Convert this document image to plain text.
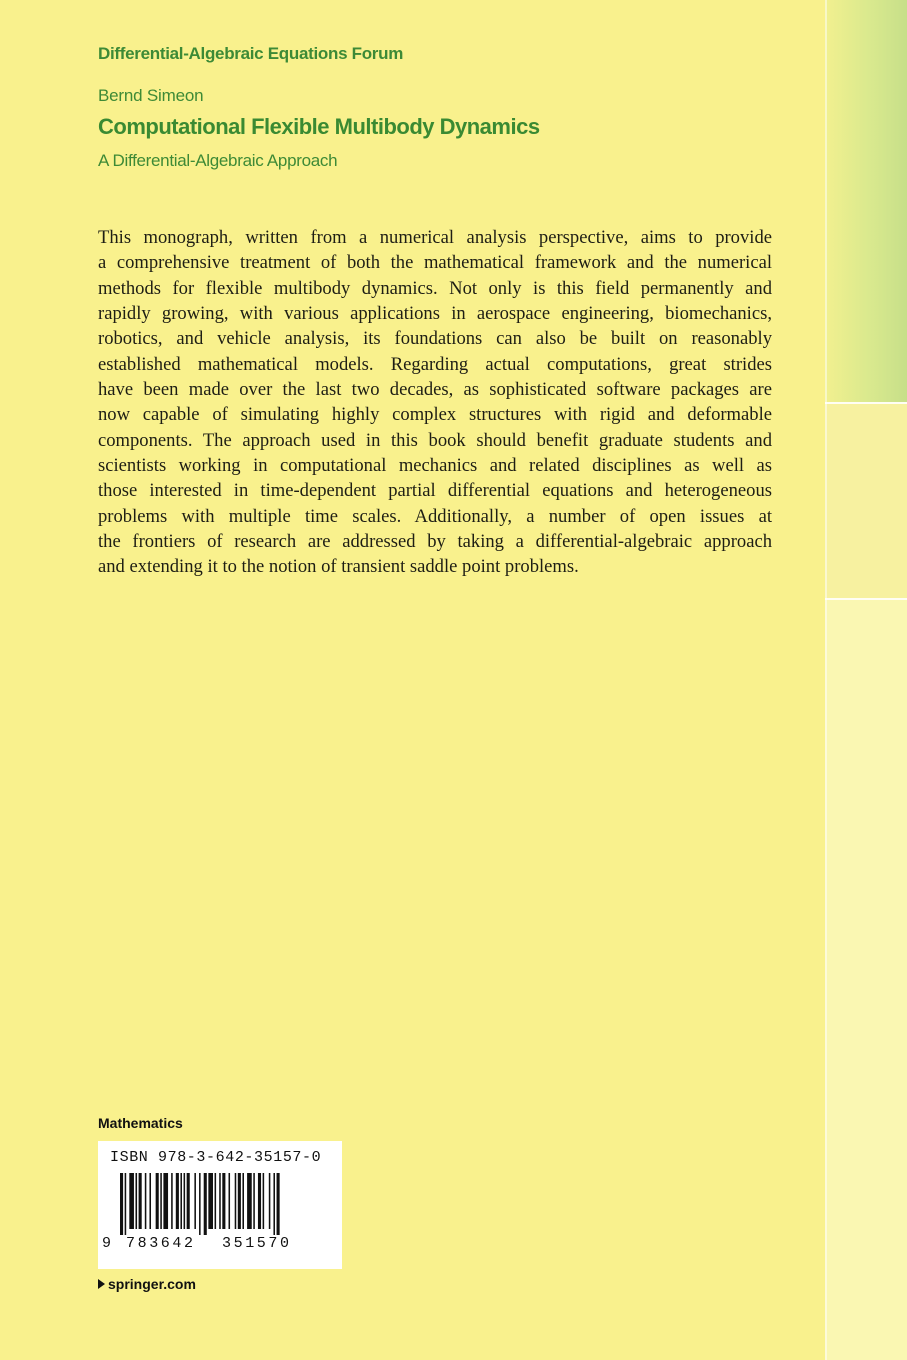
Differential-Algebraic Equations Forum
Bernd Simeon
Computational Flexible Multibody Dynamics
A Differential-Algebraic Approach
This monograph, written from a numerical analysis perspective, aims to provide
a comprehensive treatment of both the mathematical framework and the numerical
methods for flexible multibody dynamics. Not only is this field permanently and
rapidly growing, with various applications in aerospace engineering, biomechanics,
robotics, and vehicle analysis, its foundations can also be built on reasonably
established mathematical models. Regarding actual computations, great strides
have been made over the last two decades, as sophisticated software packages are
now capable of simulating highly complex structures with rigid and deformable
components. The approach used in this book should benefit graduate students and
scientists working in computational mechanics and related disciplines as well as
those interested in time-dependent partial differential equations and heterogeneous
problems with multiple time scales. Additionally, a number of open issues at
the frontiers of research are addressed by taking a differential-algebraic approach
and extending it to the notion of transient saddle point problems.
Mathematics
ISBN 978-3-642-35157-0
9 783642 351570
springer.com
